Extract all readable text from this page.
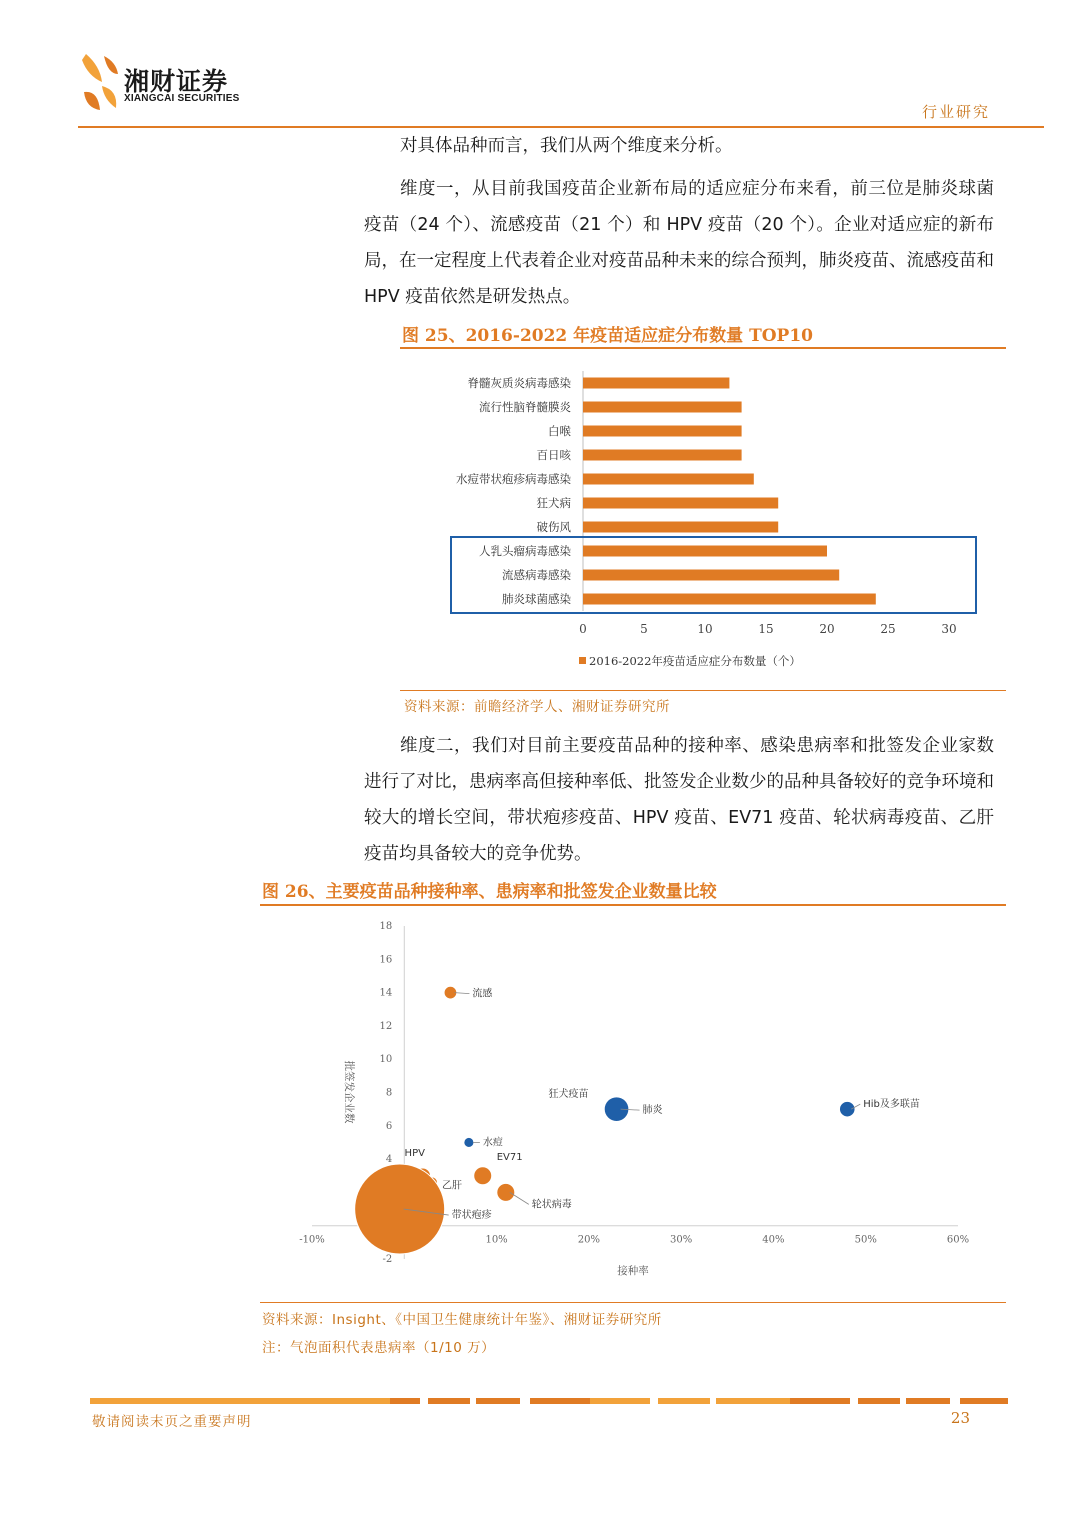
湘财证券
XIANGCAI SECURITIES
行业研究
对具体品种而言，我们从两个维度来分析。
维度一，从目前我国疫苗企业新布局的适应症分布来看，前三位是肺炎球菌疫苗（24 个）、流感疫苗（21 个）和 HPV 疫苗（20 个）。企业对适应症的新布局，在一定程度上代表着企业对疫苗品种未来的综合预判，肺炎疫苗、流感疫苗和 HPV 疫苗依然是研发热点。
图 25、2016-2022 年疫苗适应症分布数量 TOP10
脊髓灰质炎病毒感染
流行性脑脊髓膜炎
白喉
百日咳
水痘带状疱疹病毒感染
狂犬病
破伤风
人乳头瘤病毒感染
流感病毒感染
肺炎球菌感染
0	5	10	15	20	25	30
2016-2022年疫苗适应症分布数量（个）
资料来源：前瞻经济学人、湘财证券研究所
维度二，我们对目前主要疫苗品种的接种率、感染患病率和批签发企业家数进行了对比，患病率高但接种率低、批签发企业数少的品种具备较好的竞争环境和较大的增长空间，带状疱疹疫苗、HPV 疫苗、EV71 疫苗、轮状病毒疫苗、乙肝疫苗均具备较大的竞争优势。
图 26、主要疫苗品种接种率、患病率和批签发企业数量比较
-2
4
6
8
10
12
14
16
18
-10%	10%	20%	30%	40%	50%	60%
接种率
批签发企业数
流感
肺炎
狂犬疫苗
Hib及多联苗
水痘
HPV
乙肝
EV71
轮状病毒
带状疱疹
资料来源：Insight、《中国卫生健康统计年鉴》、湘财证券研究所
注：气泡面积代表患病率（1/10 万）
敬请阅读末页之重要声明	23
